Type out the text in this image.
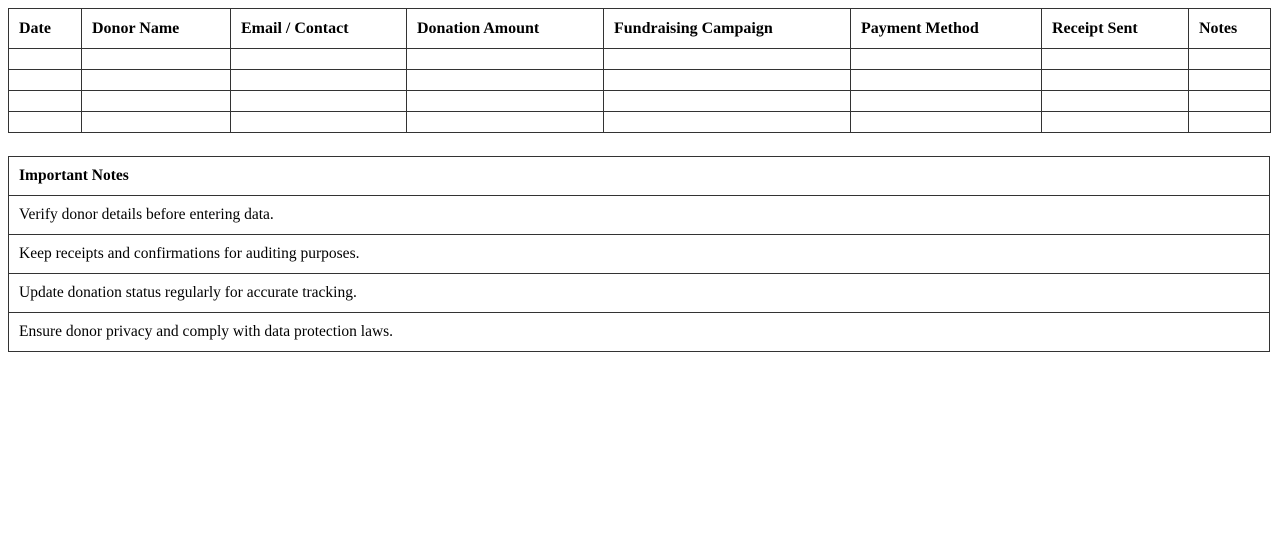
Date	Donor Name	Email / Contact	Donation Amount	Fundraising Campaign	Payment Method	Receipt Sent	Notes

Important Notes
Verify donor details before entering data.
Keep receipts and confirmations for auditing purposes.
Update donation status regularly for accurate tracking.
Ensure donor privacy and comply with data protection laws.
